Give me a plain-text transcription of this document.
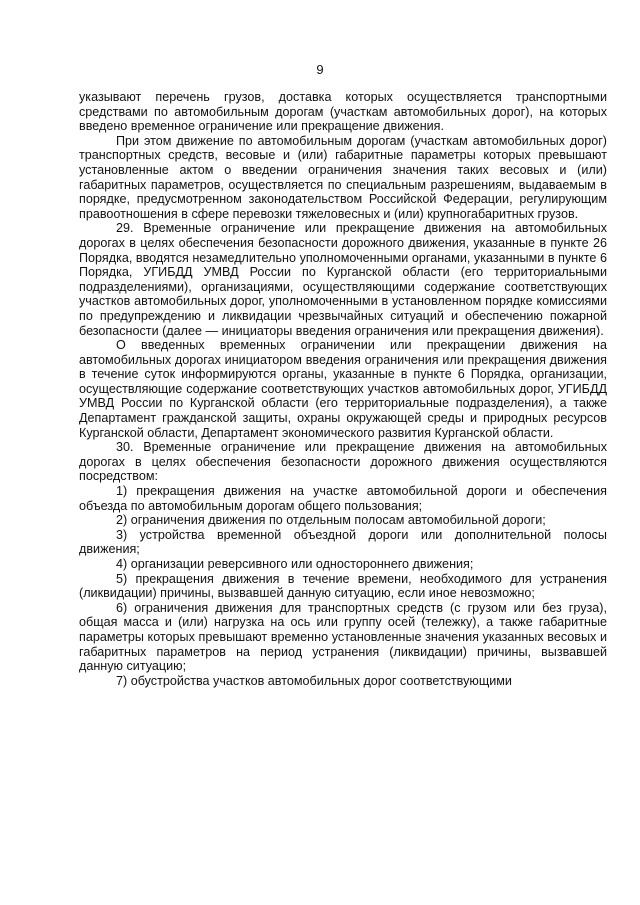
9

указывают перечень грузов, доставка которых осуществляется транспортными средствами по автомобильным дорогам (участкам автомобильных дорог), на которых введено временное ограничение или прекращение движения.

При этом движение по автомобильным дорогам (участкам автомобильных дорог) транспортных средств, весовые и (или) габаритные параметры которых превышают установленные актом о введении ограничения значения таких весовых и (или) габаритных параметров, осуществляется по специальным разрешениям, выдаваемым в порядке, предусмотренном законодательством Российской Федерации, регулирующим правоотношения в сфере перевозки тяжеловесных и (или) крупногабаритных грузов.

29. Временные ограничение или прекращение движения на автомобильных дорогах в целях обеспечения безопасности дорожного движения, указанные в пункте 26 Порядка, вводятся незамедлительно уполномоченными органами, указанными в пункте 6 Порядка, УГИБДД УМВД России по Курганской области (его территориальными подразделениями), организациями, осуществляющими содержание соответствующих участков автомобильных дорог, уполномоченными в установленном порядке комиссиями по предупреждению и ликвидации чрезвычайных ситуаций и обеспечению пожарной безопасности (далее — инициаторы введения ограничения или прекращения движения).

О введенных временных ограничении или прекращении движения на автомобильных дорогах инициатором введения ограничения или прекращения движения в течение суток информируются органы, указанные в пункте 6 Порядка, организации, осуществляющие содержание соответствующих участков автомобильных дорог, УГИБДД УМВД России по Курганской области (его территориальные подразделения), а также Департамент гражданской защиты, охраны окружающей среды и природных ресурсов Курганской области, Департамент экономического развития Курганской области.

30. Временные ограничение или прекращение движения на автомобильных дорогах в целях обеспечения безопасности дорожного движения осуществляются посредством:

1) прекращения движения на участке автомобильной дороги и обеспечения объезда по автомобильным дорогам общего пользования;

2) ограничения движения по отдельным полосам автомобильной дороги;

3) устройства временной объездной дороги или дополнительной полосы движения;

4) организации реверсивного или одностороннего движения;

5) прекращения движения в течение времени, необходимого для устранения (ликвидации) причины, вызвавшей данную ситуацию, если иное невозможно;

6) ограничения движения для транспортных средств (с грузом или без груза), общая масса и (или) нагрузка на ось или группу осей (тележку), а также габаритные параметры которых превышают временно установленные значения указанных весовых и габаритных параметров на период устранения (ликвидации) причины, вызвавшей данную ситуацию;

7) обустройства участков автомобильных дорог соответствующими
